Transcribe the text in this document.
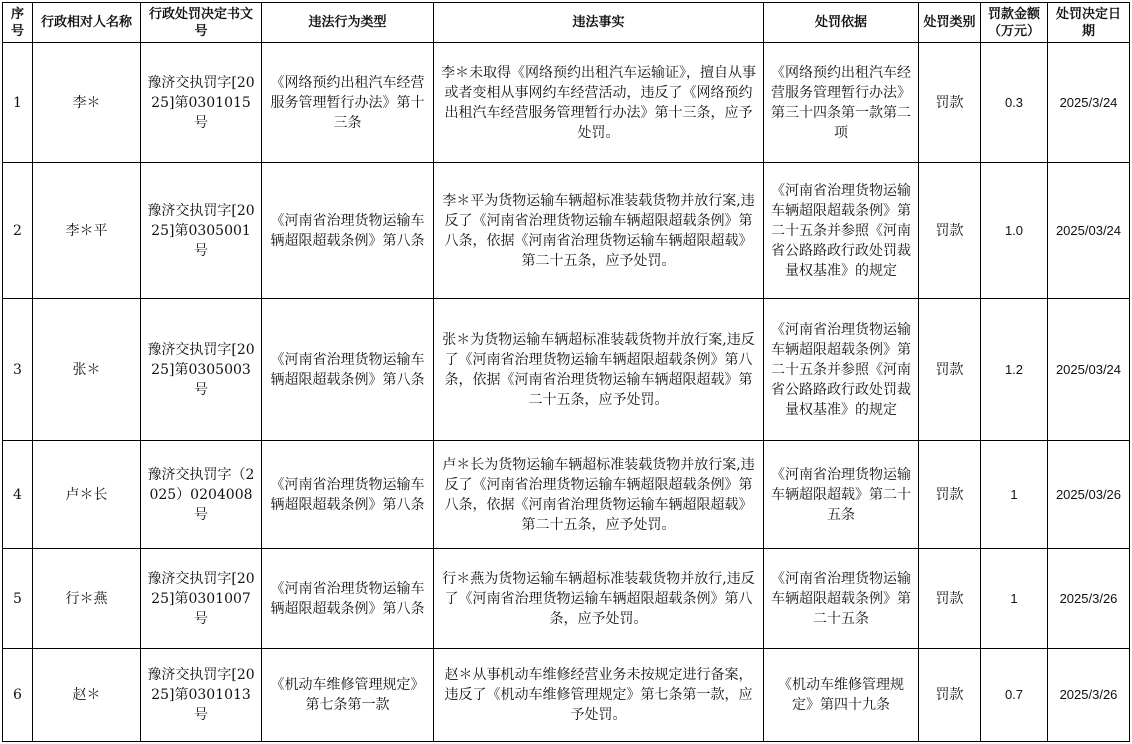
序号	行政相对人名称	行政处罚决定书文号	违法行为类型	违法事实	处罚依据	处罚类别	罚款金额（万元）	处罚决定日期
1	李＊	豫济交执罚字[2025]第0301015号	《网络预约出租汽车经营服务管理暂行办法》第十三条	李＊未取得《网络预约出租汽车运输证》，擅自从事或者变相从事网约车经营活动，违反了《网络预约出租汽车经营服务管理暂行办法》第十三条，应予处罚。	《网络预约出租汽车经营服务管理暂行办法》第三十四条第一款第二项	罚款	0.3	2025/3/24
2	李＊平	豫济交执罚字[2025]第0305001号	《河南省治理货物运输车辆超限超载条例》第八条	李＊平为货物运输车辆超标准装载货物并放行案,违反了《河南省治理货物运输车辆超限超载条例》第八条，依据《河南省治理货物运输车辆超限超载》第二十五条，应予处罚。	《河南省治理货物运输车辆超限超载条例》第二十五条并参照《河南省公路路政行政处罚裁量权基准》的规定	罚款	1.0	2025/03/24
3	张＊	豫济交执罚字[2025]第0305003号	《河南省治理货物运输车辆超限超载条例》第八条	张＊为货物运输车辆超标准装载货物并放行案,违反了《河南省治理货物运输车辆超限超载条例》第八条，依据《河南省治理货物运输车辆超限超载》第二十五条，应予处罚。	《河南省治理货物运输车辆超限超载条例》第二十五条并参照《河南省公路路政行政处罚裁量权基准》的规定	罚款	1.2	2025/03/24
4	卢＊长	豫济交执罚字（2025）0204008号	《河南省治理货物运输车辆超限超载条例》第八条	卢＊长为货物运输车辆超标准装载货物并放行案,违反了《河南省治理货物运输车辆超限超载条例》第八条，依据《河南省治理货物运输车辆超限超载》第二十五条，应予处罚。	《河南省治理货物运输车辆超限超载》第二十五条	罚款	1	2025/03/26
5	行＊燕	豫济交执罚字[2025]第0301007号	《河南省治理货物运输车辆超限超载条例》第八条	行＊燕为货物运输车辆超标准装载货物并放行,违反了《河南省治理货物运输车辆超限超载条例》第八条，应予处罚。	《河南省治理货物运输车辆超限超载条例》第二十五条	罚款	1	2025/3/26
6	赵＊	豫济交执罚字[2025]第0301013号	《机动车维修管理规定》第七条第一款	赵＊从事机动车维修经营业务未按规定进行备案，违反了《机动车维修管理规定》第七条第一款，应予处罚。	《机动车维修管理规定》第四十九条	罚款	0.7	2025/3/26
